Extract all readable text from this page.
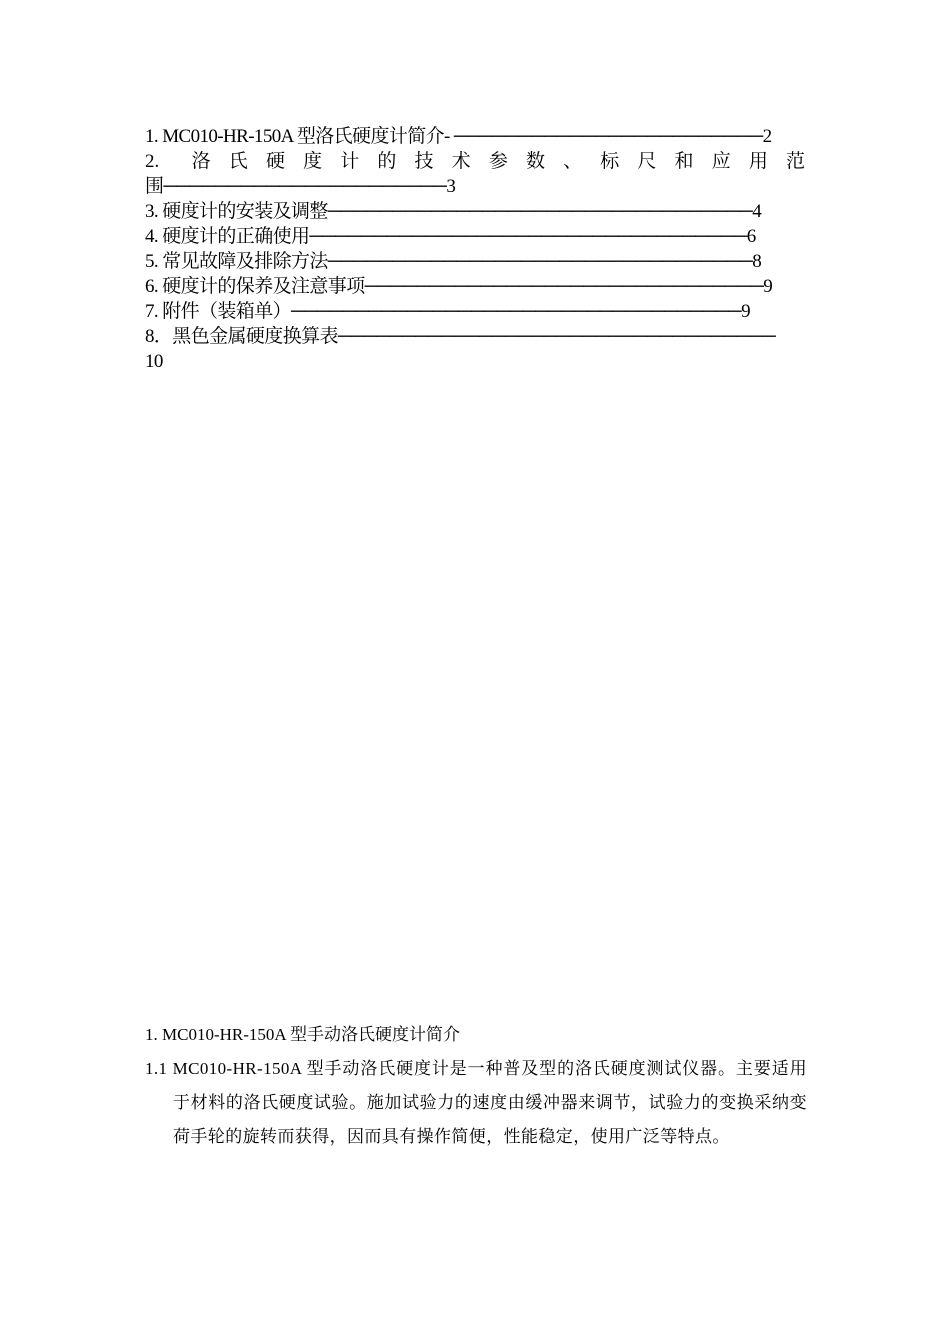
1. MC010-HR-150A 型洛氏硬度计简介- ────────────────────────2
2.　洛 氏 硬 度 计 的 技 术 参 数 、 标 尺 和 应 用 范
围──────────────────────3
3. 硬度计的安装及调整─────────────────────────────────4
4. 硬度计的正确使用──────────────────────────────────6
5. 常见故障及排除方法─────────────────────────────────8
6. 硬度计的保养及注意事项───────────────────────────────9
7. 附件（装箱单）───────────────────────────────────9
8．黑色金属硬度换算表──────────────────────────────────
10
1. MC010-HR-150A 型手动洛氏硬度计简介
1.1 MC010-HR-150A 型手动洛氏硬度计是一种普及型的洛氏硬度测试仪器。主要适用于材料的洛氏硬度试验。施加试验力的速度由缓冲器来调节，试验力的变换采纳变荷手轮的旋转而获得，因而具有操作简便，性能稳定，使用广泛等特点。
